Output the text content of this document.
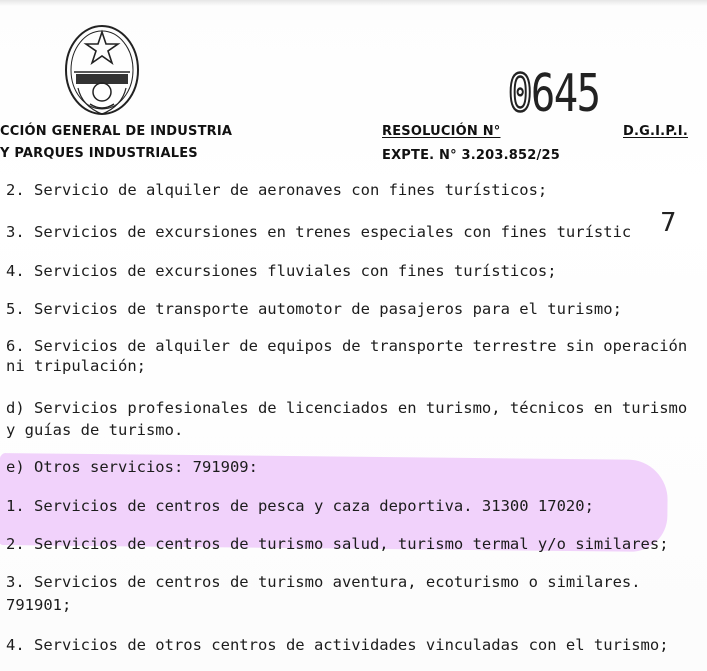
CCIÓN GENERAL DE INDUSTRIA
Y PARQUES INDUSTRIALES
RESOLUCIÓN N°	D.G.I.P.I.
EXPTE. N° 3.203.852/25
0645
2. Servicio de alquiler de aeronaves con fines turísticos;
3. Servicios de excursiones en trenes especiales con fines turístic 7
4. Servicios de excursiones fluviales con fines turísticos;
5. Servicios de transporte automotor de pasajeros para el turismo;
6. Servicios de alquiler de equipos de transporte terrestre sin operación
ni tripulación;
d) Servicios profesionales de licenciados en turismo, técnicos en turismo
y guías de turismo.
e) Otros servicios: 791909:
1. Servicios de centros de pesca y caza deportiva. 31300 17020;
2. Servicios de centros de turismo salud, turismo termal y/o similares;
3. Servicios de centros de turismo aventura, ecoturismo o similares.
791901;
4. Servicios de otros centros de actividades vinculadas con el turismo;
